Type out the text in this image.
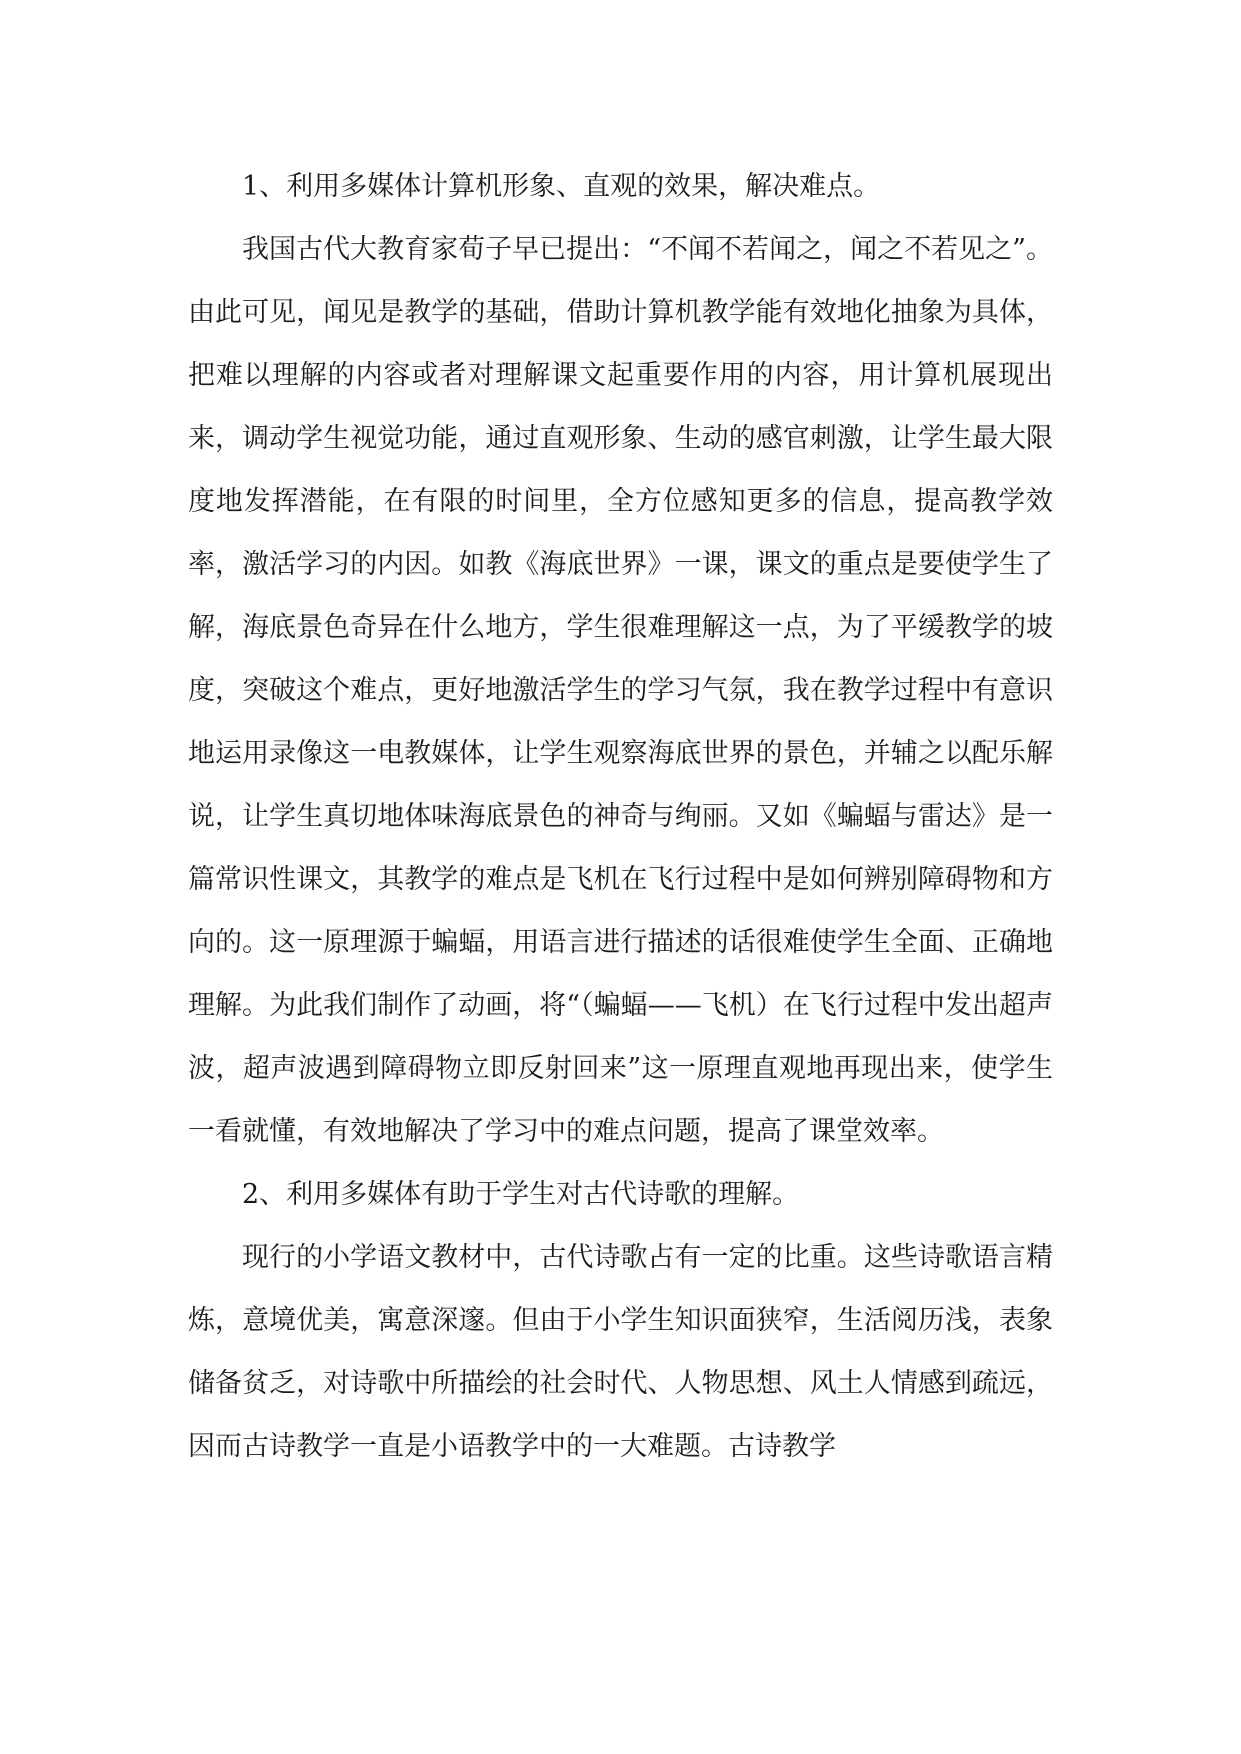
1、利用多媒体计算机形象、直观的效果，解决难点。

我国古代大教育家荀子早已提出：“不闻不若闻之，闻之不若见之”。由此可见，闻见是教学的基础，借助计算机教学能有效地化抽象为具体，把难以理解的内容或者对理解课文起重要作用的内容，用计算机展现出来，调动学生视觉功能，通过直观形象、生动的感官刺激，让学生最大限度地发挥潜能，在有限的时间里，全方位感知更多的信息，提高教学效率，激活学习的内因。如教《海底世界》一课，课文的重点是要使学生了解，海底景色奇异在什么地方，学生很难理解这一点，为了平缓教学的坡度，突破这个难点，更好地激活学生的学习气氛，我在教学过程中有意识地运用录像这一电教媒体，让学生观察海底世界的景色，并辅之以配乐解说，让学生真切地体味海底景色的神奇与绚丽。又如《蝙蝠与雷达》是一篇常识性课文，其教学的难点是飞机在飞行过程中是如何辨别障碍物和方向的。这一原理源于蝙蝠，用语言进行描述的话很难使学生全面、正确地理解。为此我们制作了动画，将“（蝙蝠——飞机）在飞行过程中发出超声波，超声波遇到障碍物立即反射回来”这一原理直观地再现出来，使学生一看就懂，有效地解决了学习中的难点问题，提高了课堂效率。

2、利用多媒体有助于学生对古代诗歌的理解。

现行的小学语文教材中，古代诗歌占有一定的比重。这些诗歌语言精炼，意境优美，寓意深邃。但由于小学生知识面狭窄，生活阅历浅，表象储备贫乏，对诗歌中所描绘的社会时代、人物思想、风土人情感到疏远，因而古诗教学一直是小语教学中的一大难题。古诗教学
